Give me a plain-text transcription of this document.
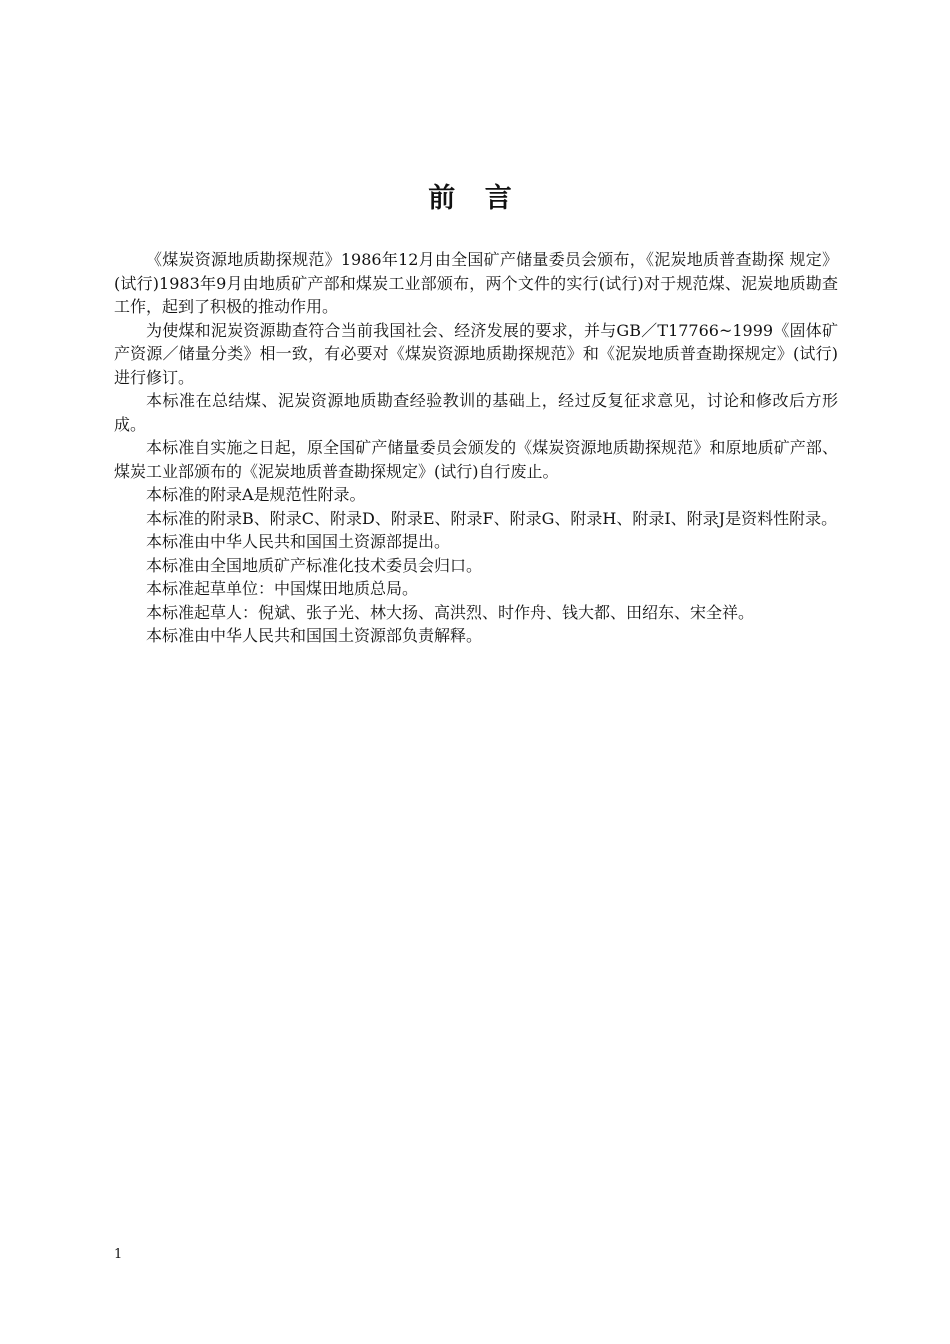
前 言

《煤炭资源地质勘探规范》1986年12月由全国矿产储量委员会颁布，《泥炭地质普查勘探 规定》(试行)1983年9月由地质矿产部和煤炭工业部颁布，两个文件的实行(试行)对于规范煤、泥炭地质勘查工作，起到了积极的推动作用。

为使煤和泥炭资源勘查符合当前我国社会、经济发展的要求，并与GB／T17766~1999《固体矿产资源／储量分类》相一致，有必要对《煤炭资源地质勘探规范》和《泥炭地质普查勘探规定》(试行)进行修订。

本标准在总结煤、泥炭资源地质勘查经验教训的基础上，经过反复征求意见，讨论和修改后方形成。

本标准自实施之日起，原全国矿产储量委员会颁发的《煤炭资源地质勘探规范》和原地质矿产部、煤炭工业部颁布的《泥炭地质普查勘探规定》(试行)自行废止。

本标准的附录A是规范性附录。

本标准的附录B、附录C、附录D、附录E、附录F、附录G、附录H、附录I、附录J是资料性附录。

本标准由中华人民共和国国土资源部提出。

本标准由全国地质矿产标准化技术委员会归口。

本标准起草单位：中国煤田地质总局。

本标准起草人：倪斌、张子光、林大扬、高洪烈、时作舟、钱大都、田绍东、宋全祥。

本标准由中华人民共和国国土资源部负责解释。

1
